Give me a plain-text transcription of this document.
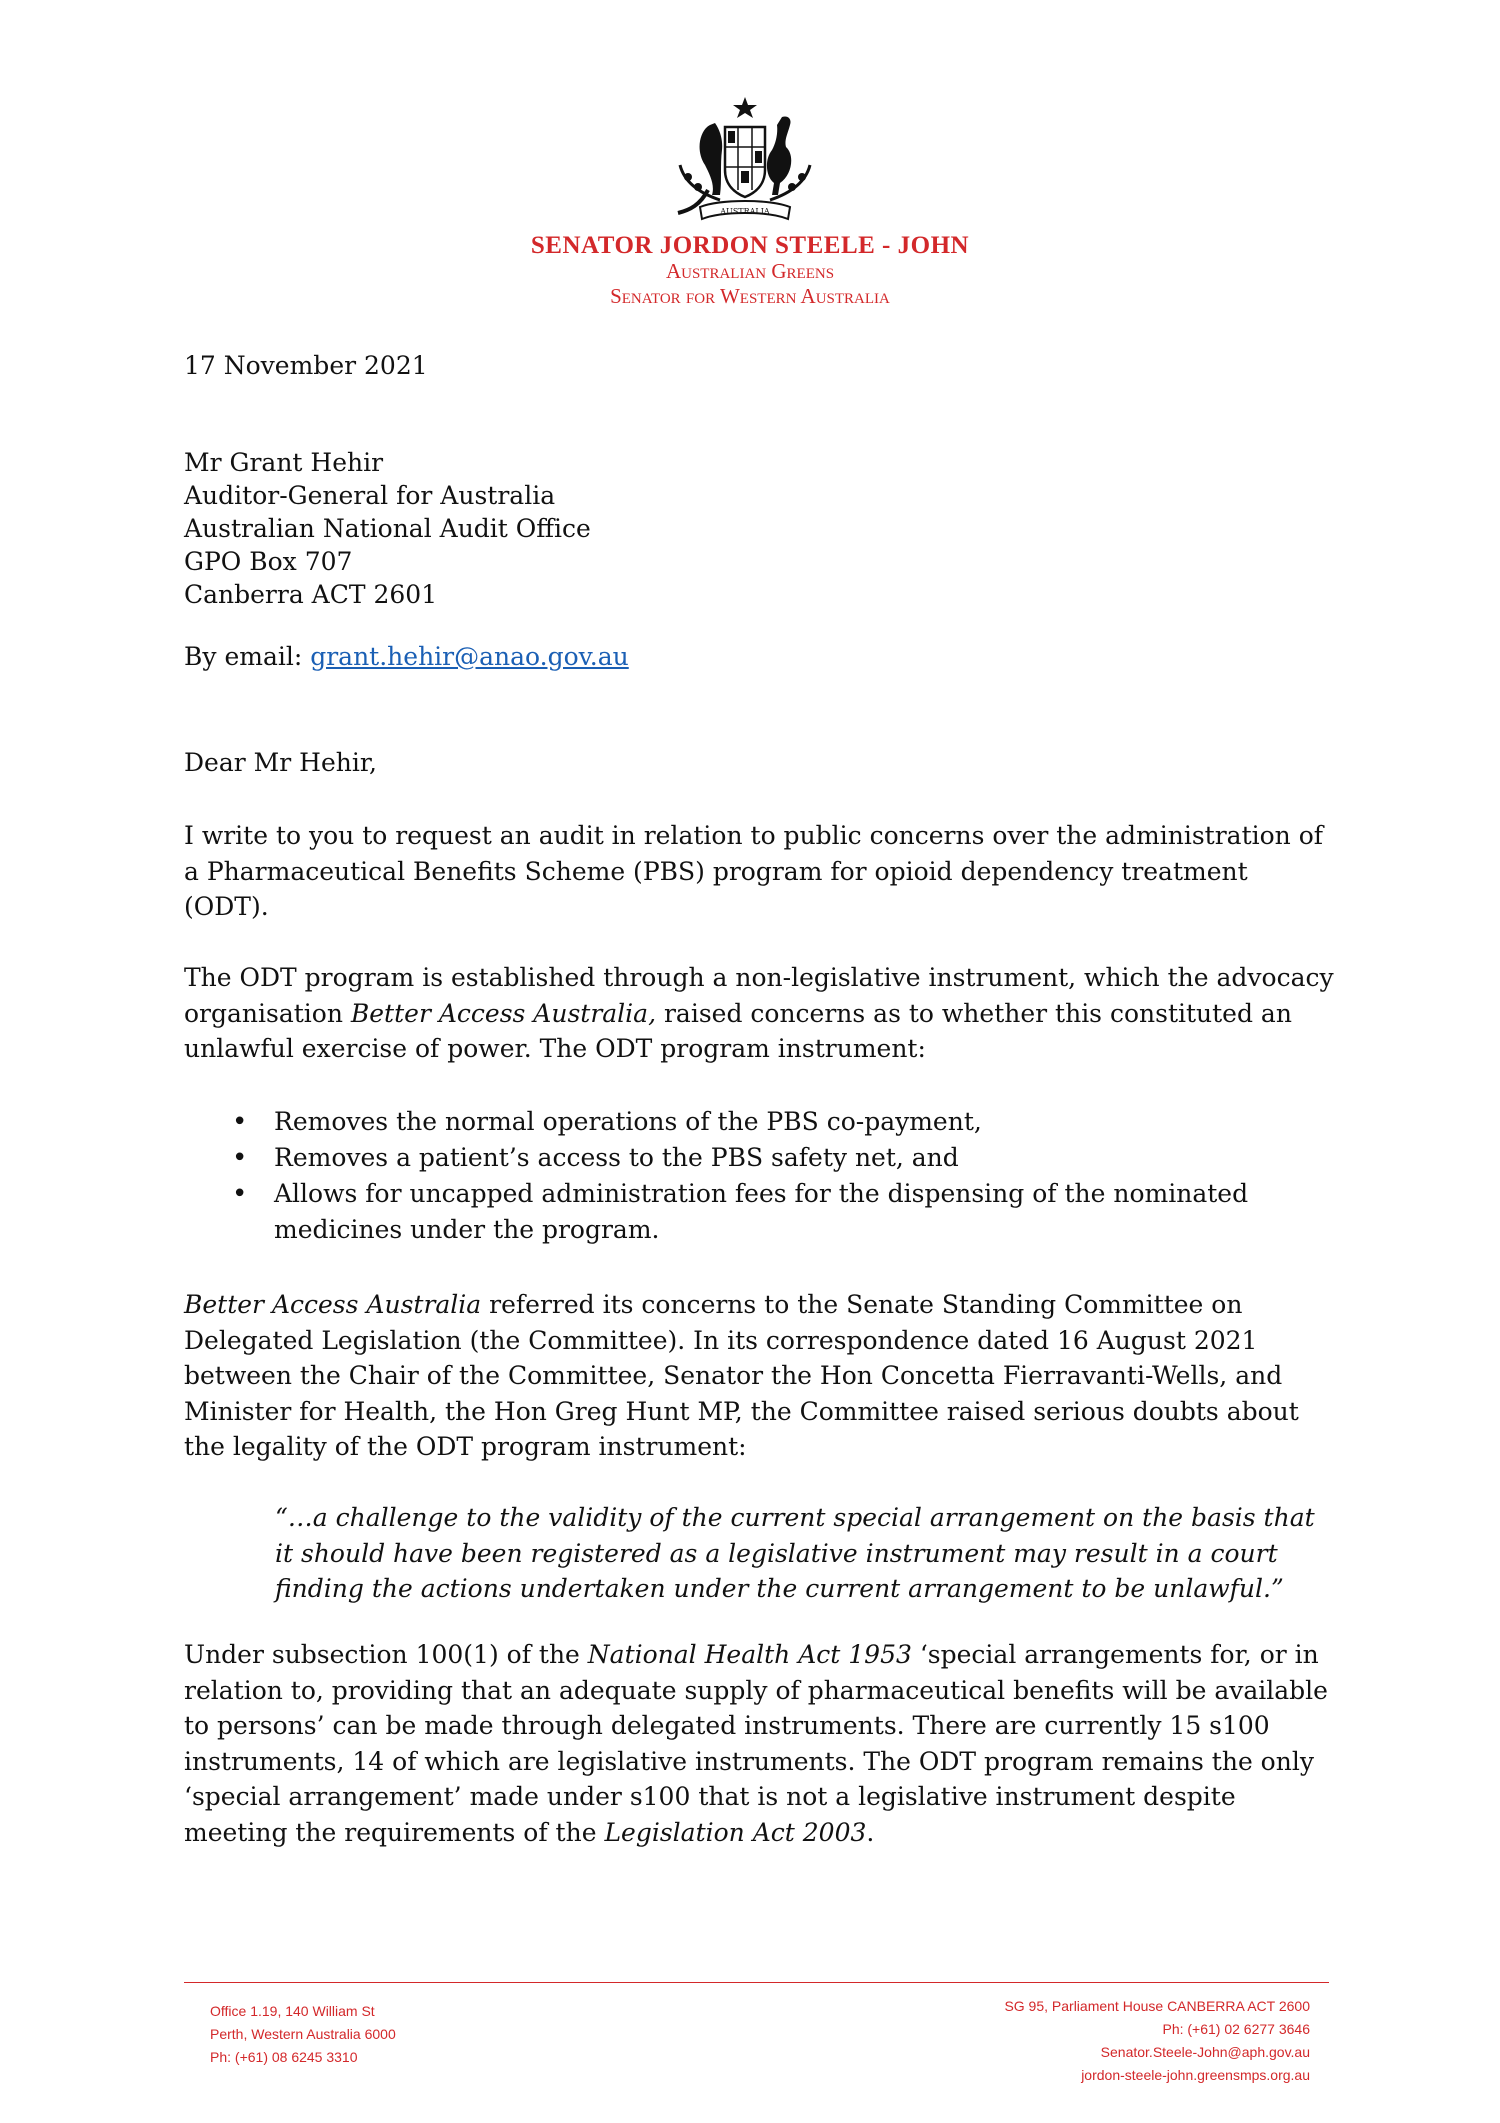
AUSTRALIA
SENATOR JORDON STEELE - JOHN
Australian Greens
Senator for Western Australia
17 November 2021
Mr Grant Hehir
Auditor-General for Australia
Australian National Audit Office
GPO Box 707
Canberra ACT 2601
By email: grant.hehir@anao.gov.au
Dear Mr Hehir,
I write to you to request an audit in relation to public concerns over the administration of a Pharmaceutical Benefits Scheme (PBS) program for opioid dependency treatment (ODT).
The ODT program is established through a non-legislative instrument, which the advocacy organisation Better Access Australia, raised concerns as to whether this constituted an unlawful exercise of power. The ODT program instrument:
• Removes the normal operations of the PBS co-payment,
• Removes a patient’s access to the PBS safety net, and
• Allows for uncapped administration fees for the dispensing of the nominated medicines under the program.
Better Access Australia referred its concerns to the Senate Standing Committee on Delegated Legislation (the Committee). In its correspondence dated 16 August 2021 between the Chair of the Committee, Senator the Hon Concetta Fierravanti-Wells, and Minister for Health, the Hon Greg Hunt MP, the Committee raised serious doubts about the legality of the ODT program instrument:
“…a challenge to the validity of the current special arrangement on the basis that it should have been registered as a legislative instrument may result in a court finding the actions undertaken under the current arrangement to be unlawful.”
Under subsection 100(1) of the National Health Act 1953 ‘special arrangements for, or in relation to, providing that an adequate supply of pharmaceutical benefits will be available to persons’ can be made through delegated instruments. There are currently 15 s100 instruments, 14 of which are legislative instruments. The ODT program remains the only ‘special arrangement’ made under s100 that is not a legislative instrument despite meeting the requirements of the Legislation Act 2003.
Office 1.19, 140 William St
Perth, Western Australia 6000
Ph: (+61) 08 6245 3310
SG 95, Parliament House CANBERRA ACT 2600
Ph: (+61) 02 6277 3646
Senator.Steele-John@aph.gov.au
jordon-steele-john.greensmps.org.au
